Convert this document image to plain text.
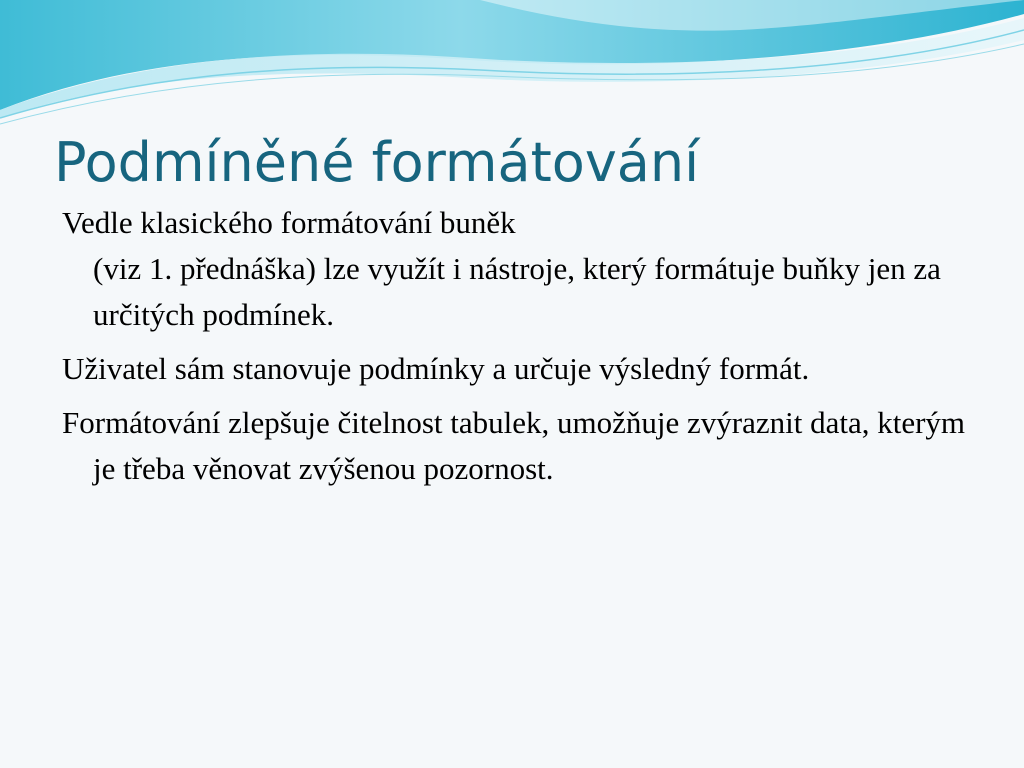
Podmíněné formátování
Vedle klasického formátování buněk
(viz 1. přednáška) lze využít i nástroje, který formátuje buňky jen za určitých podmínek.
Uživatel sám stanovuje podmínky a určuje výsledný formát.
Formátování zlepšuje čitelnost tabulek, umožňuje zvýraznit data, kterým je třeba věnovat zvýšenou pozornost.
